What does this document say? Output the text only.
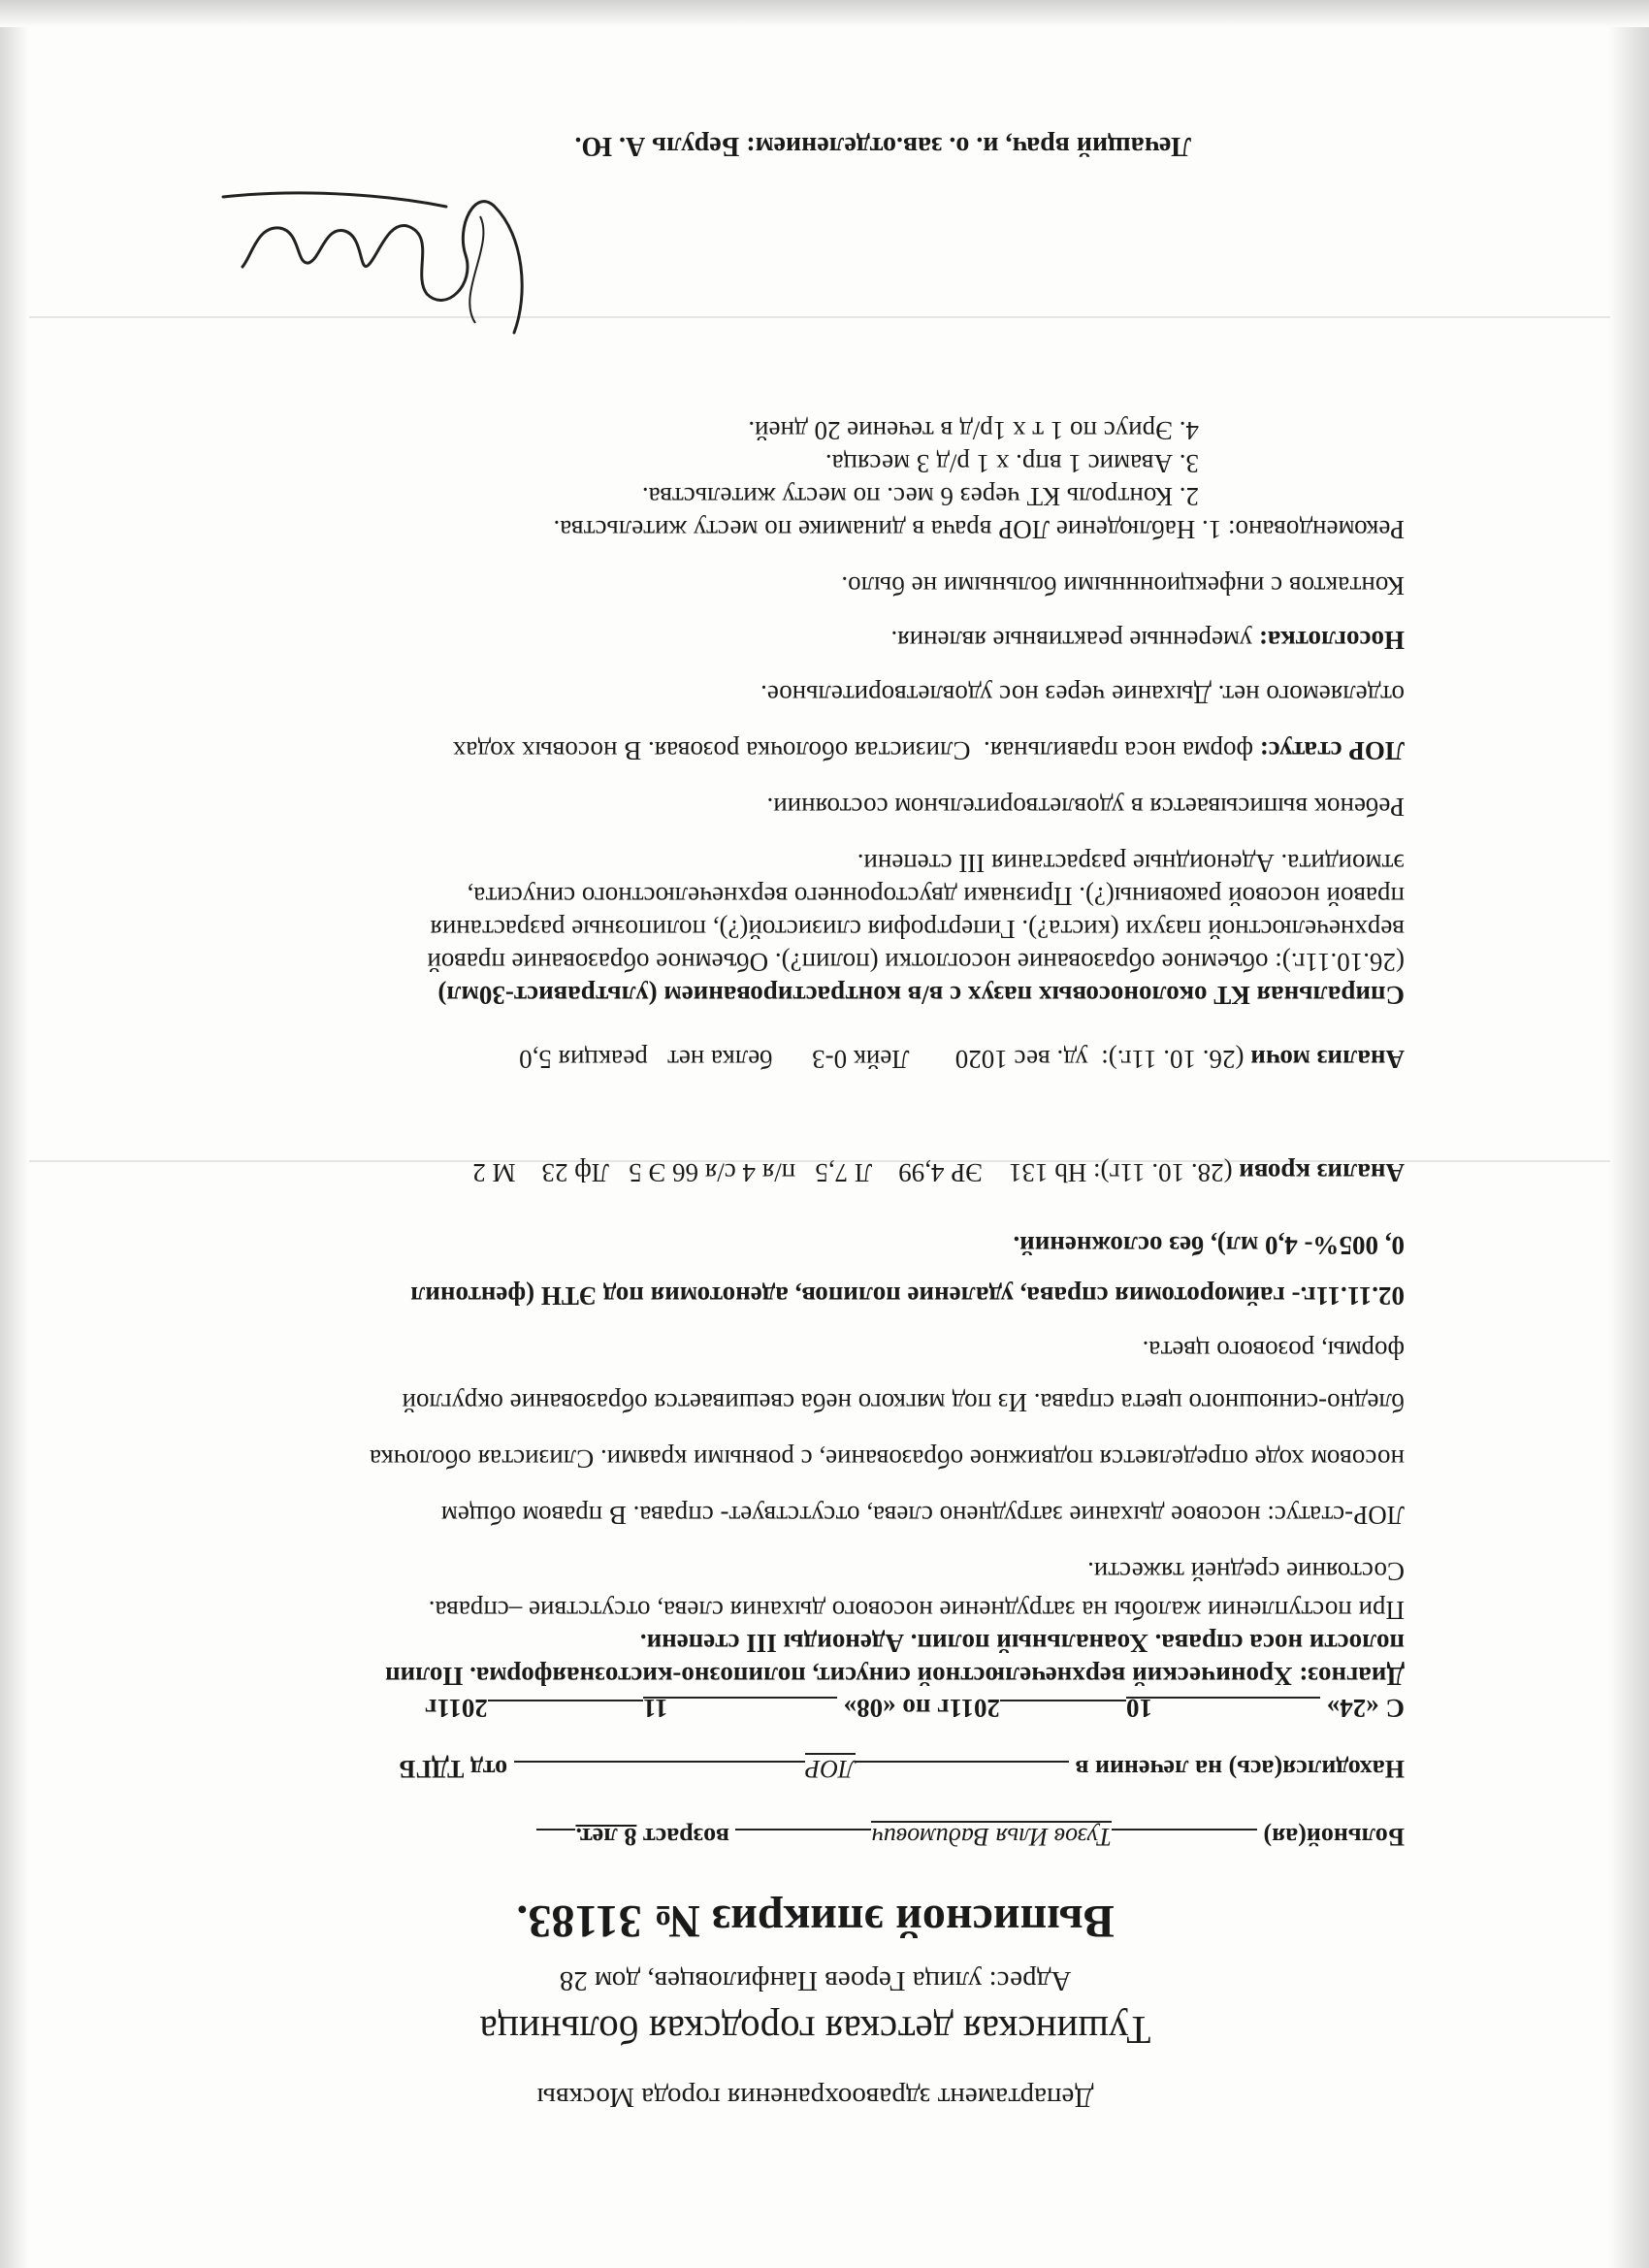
Департамент здравоохранения города Москвы
Тушинская детская городская больница
Адрес: улица Героев Панфиловцев, дом 28
Выписной эпикриз № 31183.
Больной(ая) Тузов Илья Вадимович возраст 8 лет.
Находился(ась) на лечении в ЛОР отд ТДГБ
С «24» 102011г по «08» 112011г
Диагноз: Хронический верхнечелюстной синусит, полипозно-кистознаяформа. Полип
полости носа справа. Хоанальный полип. Аденоиды III степени.
При поступлении жалобы на затруднение носового дыхания слева, отсутствие –справа.
Состояние средней тяжести.
ЛОР-статус: носовое дыхание затруднено слева, отсутствует- справа. В правом общем
носовом ходе определяется подвижное образование, с ровными краями. Слизистая оболочка
бледно-синюшного цвета справа. Из под мягкого неба свешивается образование округлой
формы, розового цвета.
02.11.11г.- гайморотомия справа, удаление полипов, аденотомия под ЭТН (фентонил
0, 005%- 4,0 мл), без осложнений.
Анализ крови (28. 10. 11г): Нb 131    ЭР 4,99    Л 7,5   п/я 4 с/я 66 Э 5   Лф 23    М 2
Анализ мочи (26. 10. 11г.):  уд. вес 1020       Лейк 0-3      белка нет   реакция 5,0
Спиральная КТ околоносовых пазух с в/в контрастированием (ультравист-30мл)
(26.10.11г.): объемное образование носоглотки (полип?). Объемное образование правой
верхнечелюстной пазухи (киста?). Гипертрофия слизистой(?), полипозные разрастания
правой носовой раковины(?). Признаки двустороннего верхнечелюстного синусита,
этмоидита. Аденоидные разрастания III степени.
Ребенок выписывается в удовлетворительном состоянии.
ЛОР статус: форма носа правильная.  Слизистая оболочка розовая. В носовых ходах
отделяемого нет. Дыхание через нос удовлетворительное.
Носоглотка: умеренные реактивные явления.
Контактов с инфекционнными больными не было.
Рекомендовано: 1. Наблюдение ЛОР врача в динамике по месту жительства.
2. Контроль КТ через 6 мес. по месту жительства.
3. Авамис 1 впр. х 1 р/д 3 месяца.
4. Эриус по 1 т х 1р/д в течение 20 дней.
Лечащий врач, и. о. зав.отделением: Беруль А. Ю.
